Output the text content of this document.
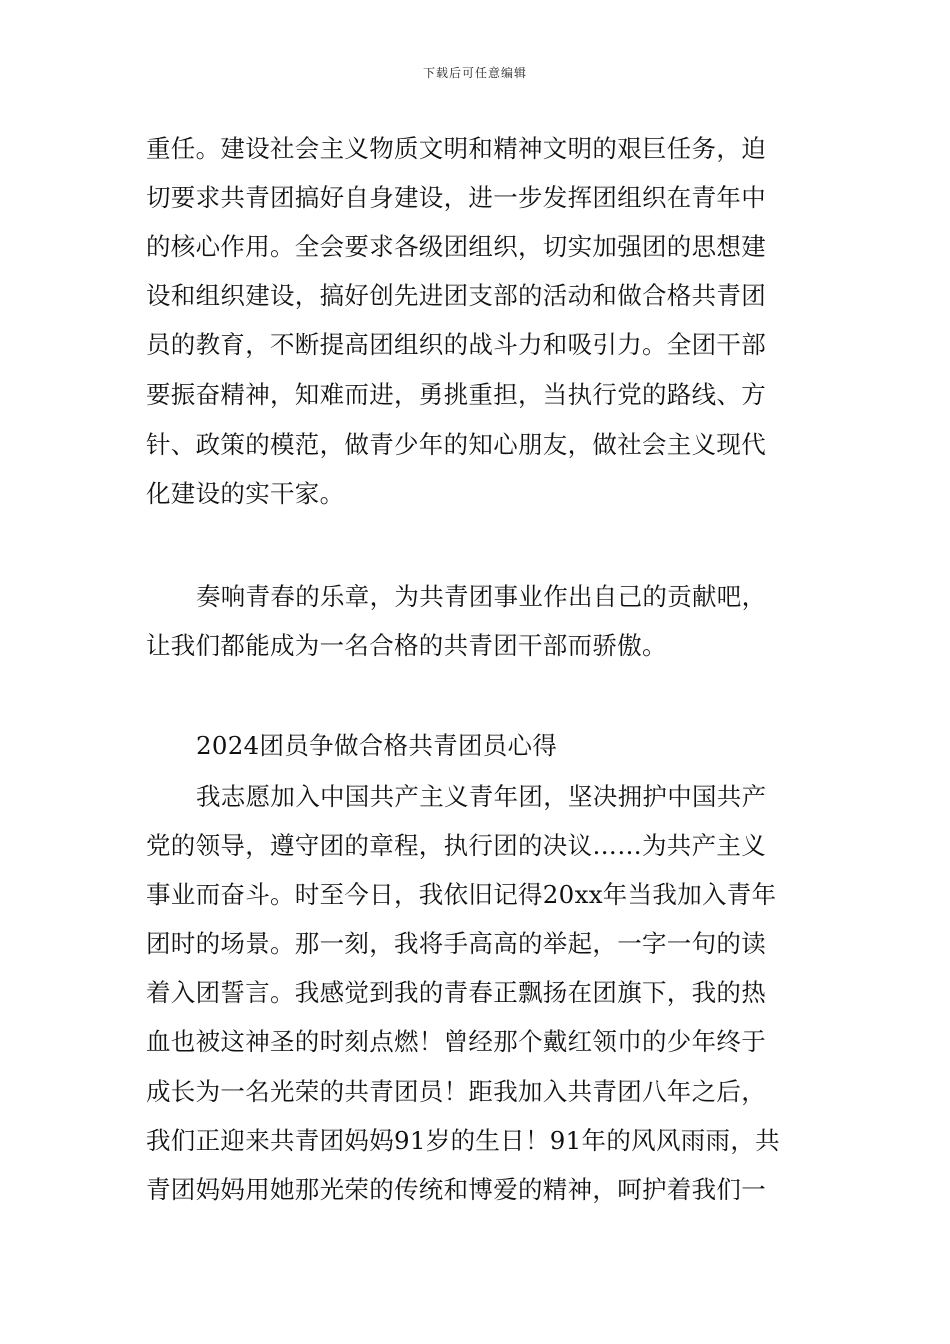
下载后可任意编辑
重任。建设社会主义物质文明和精神文明的艰巨任务，迫
切要求共青团搞好自身建设，进一步发挥团组织在青年中
的核心作用。全会要求各级团组织，切实加强团的思想建
设和组织建设，搞好创先进团支部的活动和做合格共青团
员的教育，不断提高团组织的战斗力和吸引力。全团干部
要振奋精神，知难而进，勇挑重担，当执行党的路线、方
针、政策的模范，做青少年的知心朋友，做社会主义现代
化建设的实干家。
奏响青春的乐章，为共青团事业作出自己的贡献吧，
让我们都能成为一名合格的共青团干部而骄傲。
2024团员争做合格共青团员心得
我志愿加入中国共产主义青年团，坚决拥护中国共产
党的领导，遵守团的章程，执行团的决议……为共产主义
事业而奋斗。时至今日，我依旧记得20xx年当我加入青年
团时的场景。那一刻，我将手高高的举起，一字一句的读
着入团誓言。我感觉到我的青春正飘扬在团旗下，我的热
血也被这神圣的时刻点燃！曾经那个戴红领巾的少年终于
成长为一名光荣的共青团员！距我加入共青团八年之后，
我们正迎来共青团妈妈91岁的生日！91年的风风雨雨，共
青团妈妈用她那光荣的传统和博爱的精神，呵护着我们一
